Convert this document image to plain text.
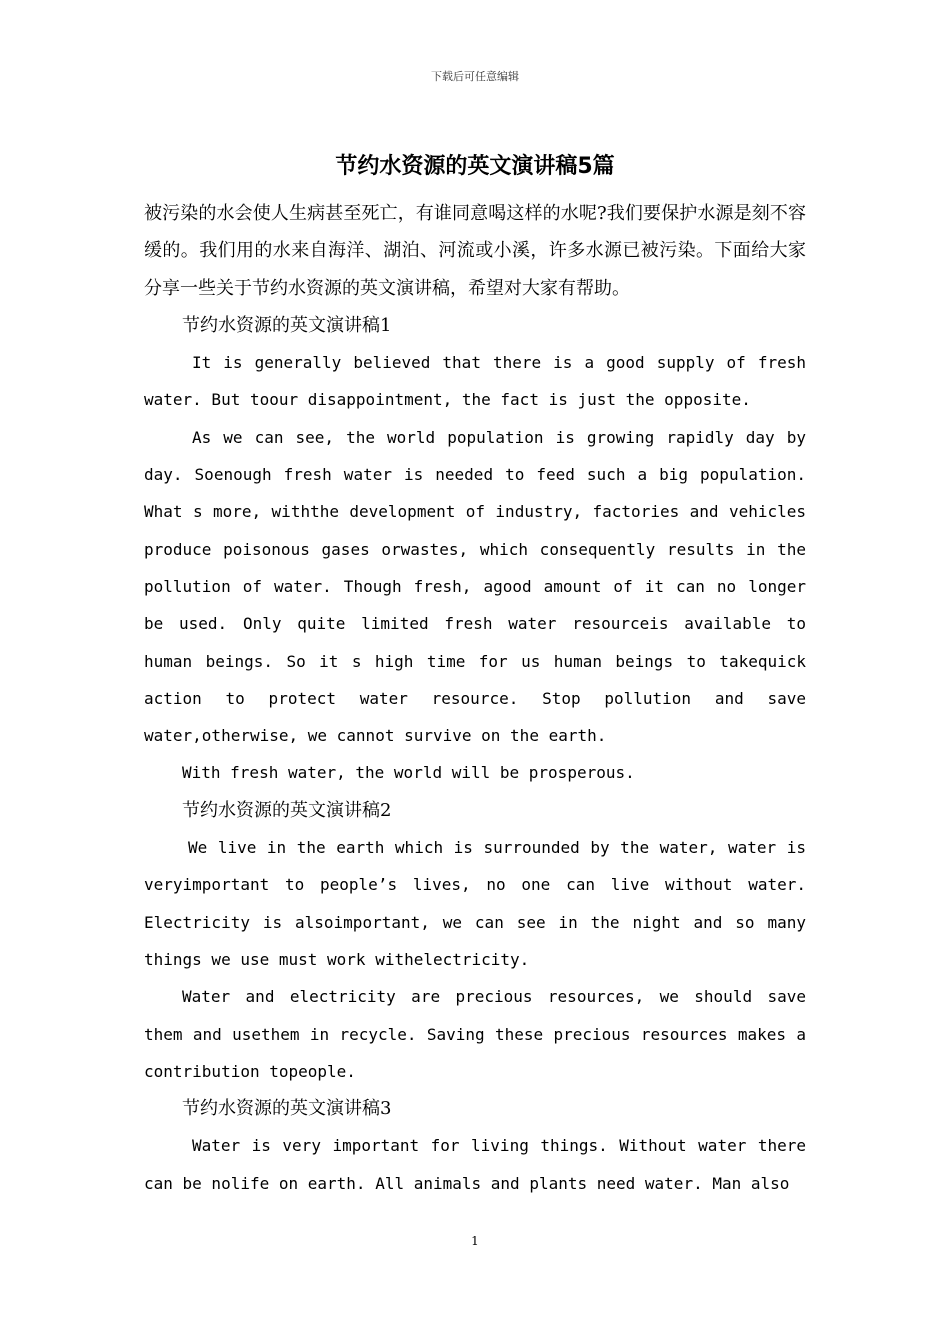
下载后可任意编辑
节约水资源的英文演讲稿5篇

被污染的水会使人生病甚至死亡，有谁同意喝这样的水呢?我们要保护水源是刻不容缓的。我们用的水来自海洋、湖泊、河流或小溪，许多水源已被污染。下面给大家分享一些关于节约水资源的英文演讲稿，希望对大家有帮助。

节约水资源的英文演讲稿1

It is generally believed that there is a good supply of fresh water. But toour disappointment, the fact is just the opposite.

As we can see, the world population is growing rapidly day by day. Soenough fresh water is needed to feed such a big population. What s more, withthe development of industry, factories and vehicles produce poisonous gases orwastes, which consequently results in the pollution of water. Though fresh, agood amount of it can no longer be used. Only quite limited fresh water resourceis available to human beings. So it s high time for us human beings to takequick action to protect water resource. Stop pollution and save water,otherwise, we cannot survive on the earth.

With fresh water, the world will be prosperous.

节约水资源的英文演讲稿2

We live in the earth which is surrounded by the water, water is veryimportant to people’s lives, no one can live without water. Electricity is alsoimportant, we can see in the night and so many things we use must work withelectricity.

Water and electricity are precious resources, we should save them and usethem in recycle. Saving these precious resources makes a contribution topeople.

节约水资源的英文演讲稿3

Water is very important for living things. Without water there can be nolife on earth. All animals and plants need water. Man also

1
